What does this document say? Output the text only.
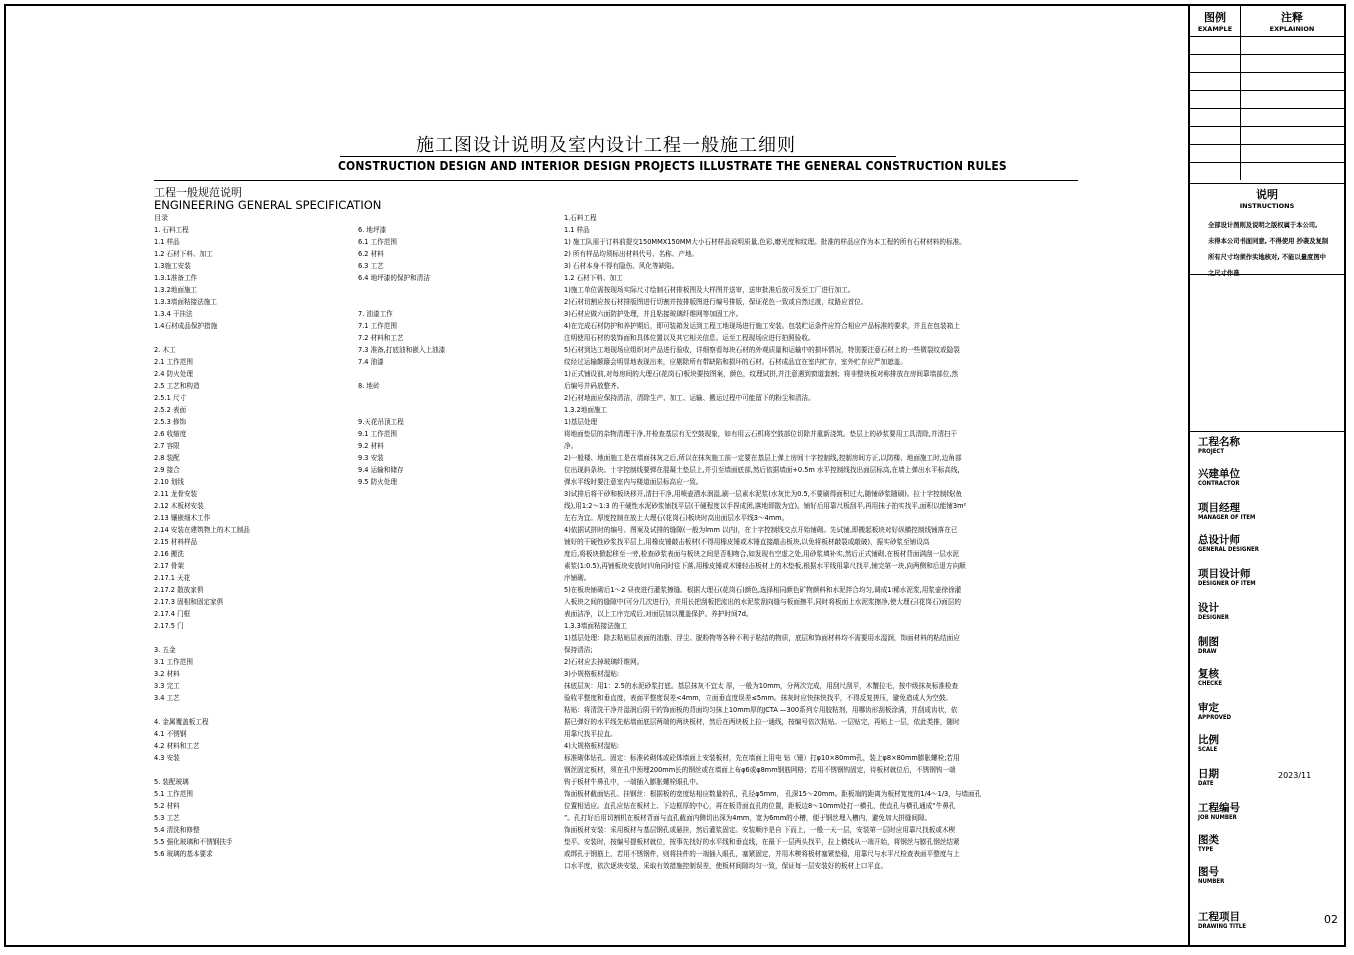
施工图设计说明及室内设计工程一般施工细则
CONSTRUCTION DESIGN AND INTERIOR DESIGN PROJECTS ILLUSTRATE THE GENERAL CONSTRUCTION RULES
工程一般规范说明
ENGINEERING GENERAL SPECIFICATION
目录
1. 石料工程
1.1 样品
1.2 石材下料、加工
1.3施工安装
1.3.1准备工作
1.3.2地面施工
1.3.3墙面粘接法施工
1.3.4 干挂法
1.4石材成品保护措施
2. 木工
2.1 工作范围
2.4 防火处理
2.5 工艺和构造
2.5.1 尺寸
2.5.2 表面
2.5.3 修饰
2.6 收缩度
2.7 容限
2.8 装配
2.9 接合
2.10 划线
2.11 龙骨安装
2.12 木板材安装
2.13 镶嵌细木工作
2.14 安装在建筑物上的木工制品
2.15 材料样品
2.16 搬洗
2.17 骨架
2.17.1 天花
2.17.2 散放家俱
2.17.3 固相和固定家俱
2.17.4 门框
2.17.5 门
3. 五金
3.1 工作范围
3.2 材料
3.3 完工
3.4 工艺
4. 金属覆盖板工程
4.1 不锈钢
4.2 材料和工艺
4.3 安装
5. 装配玻璃
5.1 工作范围
5.2 材料
5.3 工艺
5.4 清洗和修整
5.5 强化玻璃和不锈钢扶手
5.6 玻璃的基本要求
6. 地坪漆
6.1 工作范围
6.2 材料
6.3 工艺
6.4 地坪漆的保护和清洁
7. 油漆工作
7.1 工作范围
7.2 材料和工艺
7.3 准备,打底油和嵌入上油漆
7.4 油漆
8. 地砖
9.天花吊顶工程
9.1 工作范围
9.2 材料
9.3 安装
9.4 运输和储存
9.5 防火处理
1.石料工程
1.1 样品
1) 施工队需于订料前提交150MMX150MM大小石材样品说明质量,色彩,磨光度和纹理。批准的样品应作为本工程的所有石材材料的标准。
2) 所有样品均须标出材料代号、名称、产地。
3) 石材本身不得有隐伤、风化等缺陷。
1.2 石材下料、加工
1)施工单位需按现场实际尺寸绘制石材排板图及大样图并送审，送审批准后放可发至工厂进行加工。
2)石材切割应按石材排版图进行切割并按排版图进行编号排版，保证花色一致或自然过渡，纹路应首位。
3)石材应做六面防护处理，并且粘接玻璃纤维网等加固工序。
4)在完成石材防护和养护期后，即可装箱发运到工程工地现场进行施工安装。包装贮运条件应符合相应产品标准的要求，并且在包装箱上
注明使用石材的装饰面和具体位置以及其它相关信息。运至工程现场应进行拍照验收。
5)石材到达工地现场应组织对产品进行验收，详细察看每块石材的外观质量和运输中的损坏情况，特别要注意石材上的一些微裂纹或隐裂
纹经过运输颠簸会明显地表现出来，应剔除所有带缺陷和损坏的石材。石材成品宜在室内贮存，室外贮存应严加遮盖。
1)正式铺设前,对每房间的大理石(花岗石)板块要按图案，颜色，纹理试拼,并注意遇到窗道套割；将非整块板对称排放在房间靠墙部位,然
后编号并码放整齐。
2)石材地面应保持清洁，清除生产、加工、运输、搬运过程中可能留下的粉尘和清洁。
1.3.2地面施工
1)基层处理
将地面垫层的杂物清理干净,并检查基层有无空鼓现象，如有用云石机将空鼓部位切除并重新浇筑。垫层上的砂浆要用工具清除,并清扫干
净。
2)一般楼、地面施工是在墙面抹灰之后,所以在抹灰施工前一定要在基层上弹上房间十字控制线,控制房间方正,以防楼、地面施工时,边角部
位出现斜条块。十字控制线要弹在混凝土垫层上,并引至墙面底部,然后依据墙面+0.5m 水平控制线找出面层标高,在墙上弹出水平标高线,
弹水平线时要注意室内与楼道面层标高应一致。
3)试排后将干砂和板块移开,清扫干净,用喷壶洒水润湿,刷一层素水泥浆(水灰比为0.5,不要刷得面积过大,随铺砂浆随刷)。拉十字控制线(鱼
线),用1:2～1:3 的干硬性水泥砂浆铺找平层(干硬程度以手捏成团,落地即散为宜)。铺好后用靠尺板刮平,再用抹子拍实找平,面积以能铺3m²
左右为宜。厚度控制在放上大理石(花岗石)板块时高出面层水平线3～4mm。
4)依据试拼时的编号、图案及试排的缝隙(一般为lmm 以内)，在十字控制线交点开始铺砌。先试铺,即搬起板块对好纵横控制线铺落在已
铺好的干硬性砂浆找平层上,用橡皮锤敲击板材(不得用橡皮锤或木锤直接敲击板块,以免将板材敲裂或敲破)，振实砂浆至铺设高
度后,将板块掀起移至一旁,检查砂浆表面与板块之间是否相吻合,如发现有空虚之处,用砂浆填补实,然后正式铺砌,在板材背面满刮一层水泥
素浆(1:0.5),再铺板块安放时四角同时往下落,用橡皮锤或木锤轻击板材上的木垫板,根据水平线用靠尺找平,铺完第一块,向两侧和后退方向顺
序铺砌。
5)在板块铺砌后1～2 昼夜进行灌浆擦缝。根据大理石(花岗石)颜色,选择相同颜色矿物颜料和水泥拌合均匀,调成1∶稀水泥浆,用浆壶徐徐灌
入板块之间的缝隙中(可分几次进行)，并用长把刮板把流出的水泥浆刮向缝与板面擦平,同时将板面上水泥浆擦净,使大理石(花岗石)面层的
表面洁净，以上工序完成后,对面层加以覆盖保护。养护时间7d。
1.3.3墙面粘接法施工
1)基层处理：除去粘贴层表面的油脂、浮尘、脱粉物等各种不利于粘结的物质，底层和饰面材料均不需要用水湿润，饰面材料的粘结面应
保持清洁;
2)石材应去掉玻璃纤维网。
3)小规格板材湿贴:
抹底层灰：用1：2.5的水泥砂浆打底。基层抹灰不宜太 厚，一般为10mm，分两次完成，用刮尺刮平，木蟹拉毛，按中级抹灰标准检查
验收平整度和垂直度，表面平整度误差<4mm，立面垂直度误差≤5mm。抹灰时应快抹快找平，不得反复搓压，避免造成人为空鼓。
粘贴：将清洗干净并湿润后阴干的饰面板的背面均匀抹上10mm厚的JCTA —300系列专用胶粘剂，用哪齿形刮板涂满，并刮成齿状，依
据已弹好的水平线先贴墙面底层两端的两块板材，然后在两块板上拉一通线，按编号依次粘贴。一层贴完，再贴上一层，依此类推，随时
用靠尺找平拉直。
4)大规格板材湿贴:
标准砌体钻孔、固定：标准砖砌体或砼体墙面上安装板材，先在墙面上用电 钻（锤）打φ10×80mm孔，装上φ8×80mm膨胀螺栓;若用
钢丝固定板材，须在孔中预埋200mm长的钢丝或在墙面上布φ6或φ8mm钢筋网格；若用不锈钢钩固定，待板材就位后，不锈钢钩一端
钩于板材牛鼻孔中，一端插入膨胀螺栓眼孔中。
饰面板材截面钻孔、挂钢丝：根据板的宽度钻相应数量的孔，孔径φ5mm， 孔深15～20mm。距板端的距离为板材宽度的1/4～1/3，与墙面孔
位置相适应。直孔应钻在板材上、下边框厚的中心，再在板背面直孔的位置，距板边8～10mm处打一横孔，使直孔与横孔通成“牛鼻孔
”。孔打好后用切割机在板材背面与直孔截面内侧切出深为4mm，宽为6mm的小槽，便于钢丝埋入槽内，避免加大拼缝间隙。
饰面板材安装：采用板材与基层钢孔或悬挂，然后灌浆固定。安装顺序是自 下而上，一般一天一层，安装第一层时应用靠尺找板或木楔
垫平。安装时，按编号提板材就位，按事先找好的水平线和垂直线，在最下一层两头找平，拉上横线从一端开始，将钢丝与膨孔钢丝结紧
或绑孔于钢筋上，若用不锈钢件，则将挂件的一端插入眼孔，塞紧固定，并用木楔将板材塞紧垫稳，用靠尺与水平尺检查表面平整度与上
口水平度，依次逐块安装，采取有效措施控制误差，使板材间隙均匀一致，保证每一层安装好的板材上口平直。
图例
EXAMPLE
注释
EXPLAINION
说明
INSTRUCTIONS
全部设计图则及说明之版权属于本公司,
未得本公司书面同意, 不得使用 抄袭及复制
所有尺寸均须作实地核对, 不能以量度图中
工程名称
PROJECT
兴建单位
CONTRACTOR
项目经理
MANAGER OF ITEM
总设计师
GENERAL DESIGNER
项目设计师
DESIGNER OF ITEM
设计
DESIGNER
制图
DRAW
复核
CHECKE
审定
APPROVED
比例
SCALE
日期
DATE
工程编号
JOB NUMBER
图类
TYPE
图号
NUMBER
工程项目
DRAWING TITLE
2023/11
02
